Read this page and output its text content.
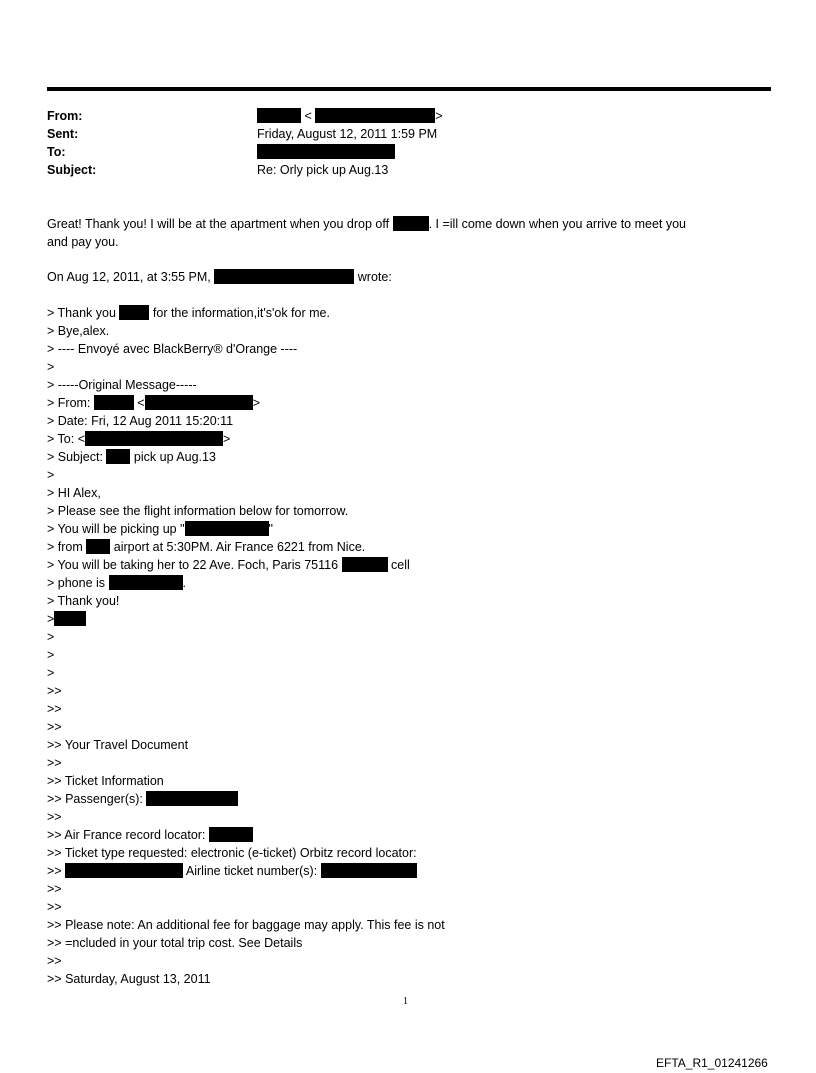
From:	<	>
Sent:	Friday, August 12, 2011 1:59 PM
To:
Subject:	Re: Orly pick up Aug.13
Great! Thank you! I will be at the apartment when you drop off	. I =ill come down when you arrive to meet you
and pay you.
On Aug 12, 2011, at 3:55 PM,	wrote:
> Thank you	for the information,it's'ok for me.
> Bye,alex.
> ---- Envoyé avec BlackBerry® d'Orange ----
>
> -----Original Message-----
> From:	<	>
> Date: Fri, 12 Aug 2011 15:20:11
> To: <	>
> Subject: pick up Aug.13
>
> HI Alex,
> Please see the flight information below for tomorrow.
> You will be picking up "	"
> from airport at 5:30PM. Air France 6221 from Nice.
> You will be taking her to 22 Ave. Foch, Paris 75116	cell
> phone is	.
> Thank you!
>
>
>
>
>>
>>
>>
>> Your Travel Document
>>
>> Ticket Information
>> Passenger(s):
>>
>> Air France record locator:
>> Ticket type requested: electronic (e-ticket) Orbitz record locator:
>>	Airline ticket number(s):
>>
>>
>> Please note: An additional fee for baggage may apply. This fee is not
>> =ncluded in your total trip cost. See Details
>>
>> Saturday, August 13, 2011
1
EFTA_R1_01241266
